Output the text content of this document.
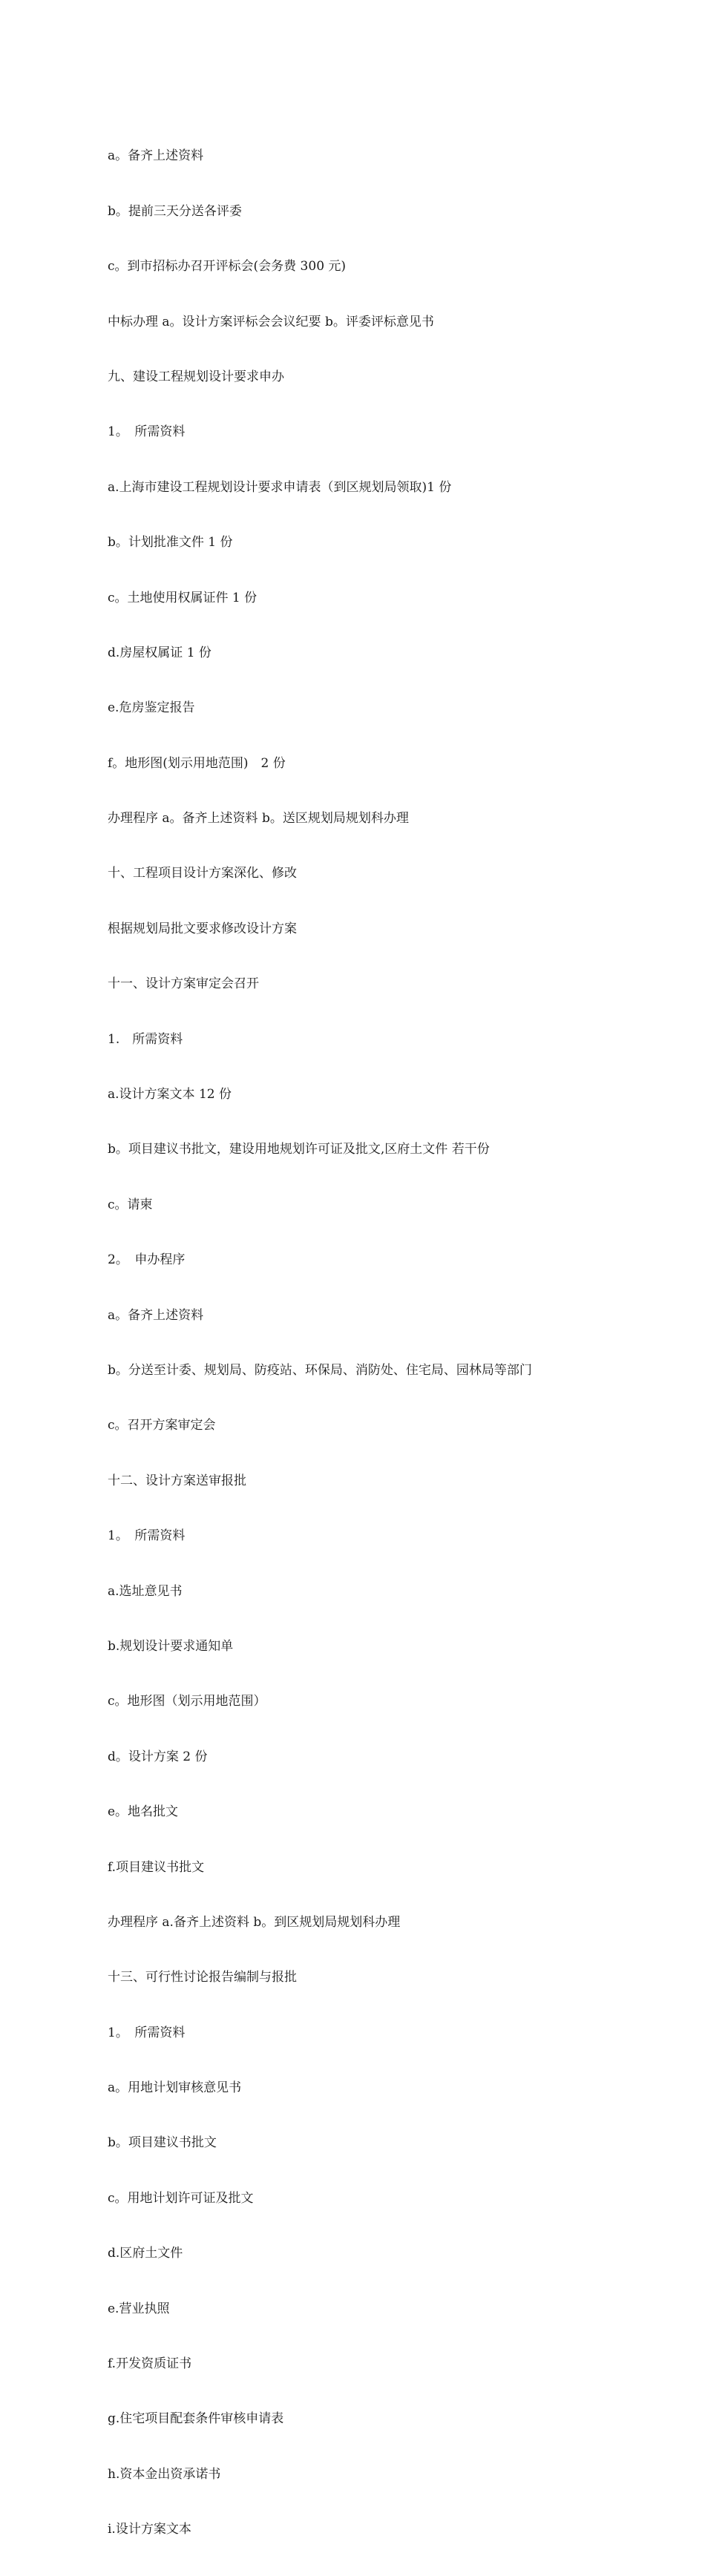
a。备齐上述资料

b。提前三天分送各评委

c。到市招标办召开评标会(会务费 300 元)

中标办理 a。设计方案评标会会议纪要 b。评委评标意见书

九、建设工程规划设计要求申办

1。　所需资料

a.上海市建设工程规划设计要求申请表（到区规划局领取)1 份

b。计划批准文件 1 份

c。土地使用权属证件 1 份

d.房屋权属证 1 份

e.危房鉴定报告

f。地形图(划示用地范围)　2 份

办理程序 a。备齐上述资料 b。送区规划局规划科办理

十、工程项目设计方案深化、修改

根据规划局批文要求修改设计方案

十一、设计方案审定会召开

1.　所需资料

a.设计方案文本 12 份

b。项目建议书批文，建设用地规划许可证及批文,区府土文件 若干份

c。请柬

2。　申办程序

a。备齐上述资料

b。分送至计委、规划局、防疫站、环保局、消防处、住宅局、园林局等部门

c。召开方案审定会

十二、设计方案送审报批

1。　所需资料

a.选址意见书

b.规划设计要求通知单

c。地形图（划示用地范围）

d。设计方案 2 份

e。地名批文

f.项目建议书批文

办理程序 a.备齐上述资料 b。到区规划局规划科办理

十三、可行性讨论报告编制与报批

1。　所需资料

a。用地计划审核意见书

b。项目建议书批文

c。用地计划许可证及批文

d.区府土文件

e.营业执照

f.开发资质证书

g.住宅项目配套条件审核申请表

h.资本金出资承诺书

i.设计方案文本
